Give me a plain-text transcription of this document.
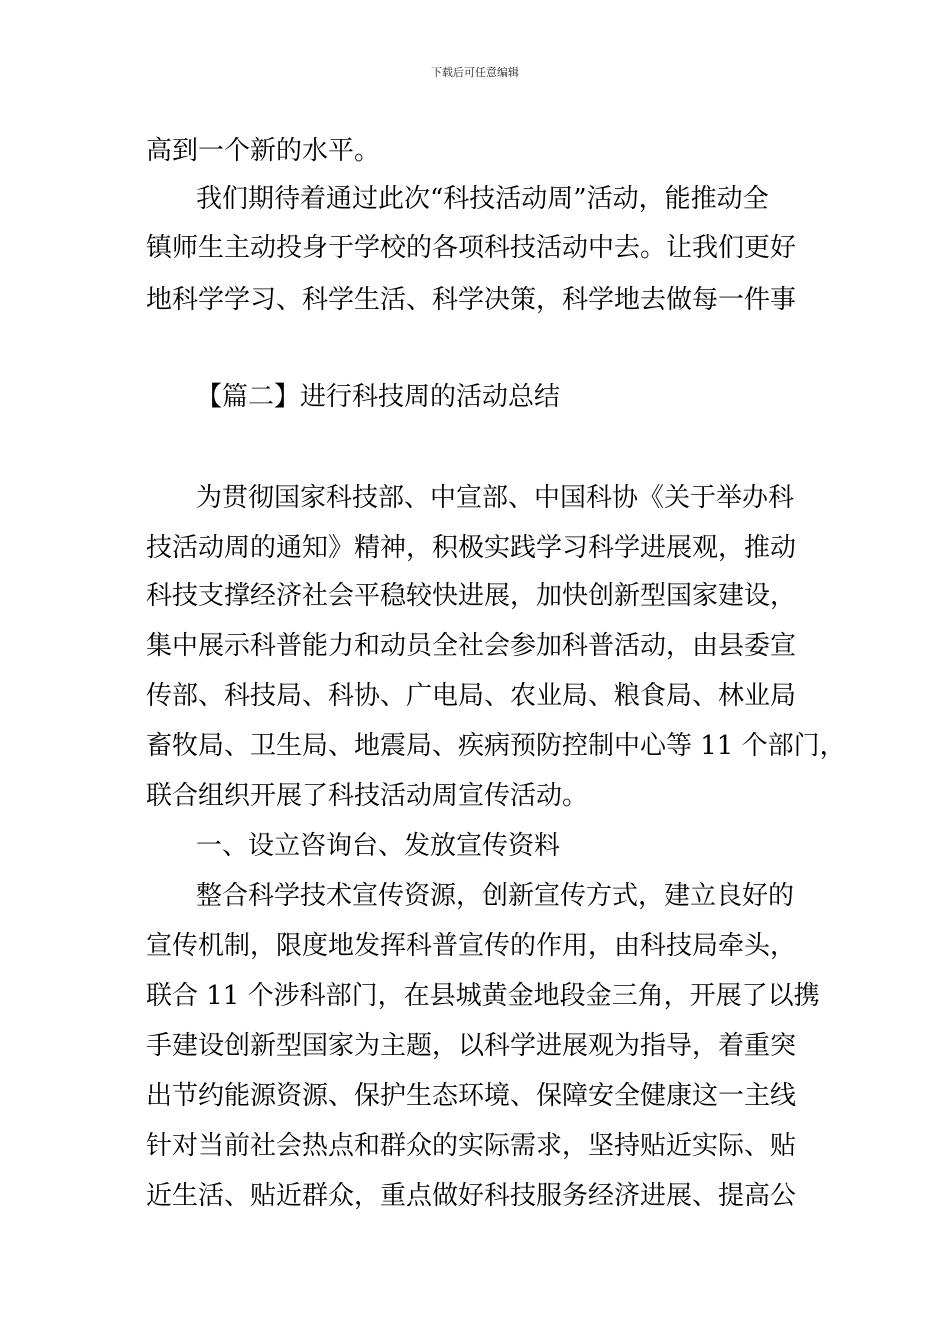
下载后可任意编辑
高到一个新的水平。
我们期待着通过此次“科技活动周”活动，能推动全
镇师生主动投身于学校的各项科技活动中去。让我们更好
地科学学习、科学生活、科学决策，科学地去做每一件事
【篇二】进行科技周的活动总结
为贯彻国家科技部、中宣部、中国科协《关于举办科
技活动周的通知》精神，积极实践学习科学进展观，推动
科技支撑经济社会平稳较快进展，加快创新型国家建设，
集中展示科普能力和动员全社会参加科普活动，由县委宣
传部、科技局、科协、广电局、农业局、粮食局、林业局
畜牧局、卫生局、地震局、疾病预防控制中心等 11 个部门，
联合组织开展了科技活动周宣传活动。
一、设立咨询台、发放宣传资料
整合科学技术宣传资源，创新宣传方式，建立良好的
宣传机制，限度地发挥科普宣传的作用，由科技局牵头，
联合 11 个涉科部门，在县城黄金地段金三角，开展了以携
手建设创新型国家为主题，以科学进展观为指导，着重突
出节约能源资源、保护生态环境、保障安全健康这一主线
针对当前社会热点和群众的实际需求，坚持贴近实际、贴
近生活、贴近群众，重点做好科技服务经济进展、提高公
